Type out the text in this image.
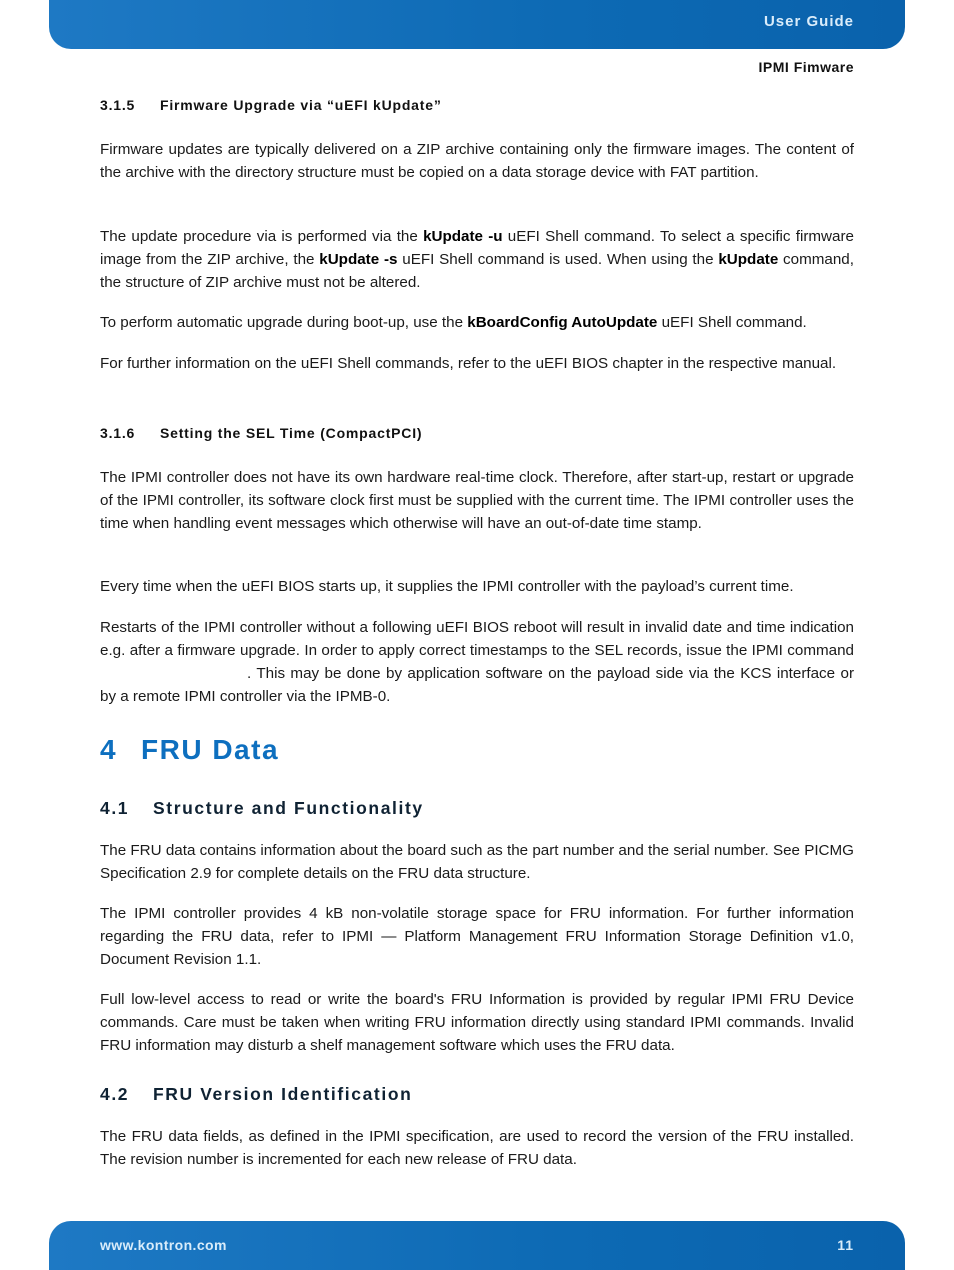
User Guide
IPMI Fimware
3.1.5 Firmware Upgrade via “uEFI kUpdate”
Firmware updates are typically delivered on a ZIP archive containing only the firmware images. The content of the archive with the directory structure must be copied on a data storage device with FAT partition.
The update procedure via is performed via the kUpdate -u uEFI Shell command. To select a specific firmware image from the ZIP archive, the kUpdate -s uEFI Shell command is used. When using the kUpdate command, the structure of ZIP archive must not be altered.
To perform automatic upgrade during boot-up, use the kBoardConfig AutoUpdate uEFI Shell command.
For further information on the uEFI Shell commands, refer to the uEFI BIOS chapter in the respective manual.
3.1.6 Setting the SEL Time (CompactPCI)
The IPMI controller does not have its own hardware real-time clock. Therefore, after start-up, restart or upgrade of the IPMI controller, its software clock first must be supplied with the current time. The IPMI controller uses the time when handling event messages which otherwise will have an out-of-date time stamp.
Every time when the uEFI BIOS starts up, it supplies the IPMI controller with the payload’s current time.
Restarts of the IPMI controller without a following uEFI BIOS reboot will result in invalid date and time indication e.g. after a firmware upgrade. In order to apply correct timestamps to the SEL records, issue the IPMI command. This may be done by application software on the payload side via the KCS interface or by a remote IPMI controller via the IPMB-0.
4 FRU Data
4.1 Structure and Functionality
The FRU data contains information about the board such as the part number and the serial number. See PICMG Specification 2.9 for complete details on the FRU data structure.
The IPMI controller provides 4 kB non-volatile storage space for FRU information. For further information regarding the FRU data, refer to IPMI — Platform Management FRU Information Storage Definition v1.0, Document Revision 1.1.
Full low-level access to read or write the board's FRU Information is provided by regular IPMI FRU Device commands. Care must be taken when writing FRU information directly using standard IPMI commands. Invalid FRU information may disturb a shelf management software which uses the FRU data.
4.2 FRU Version Identification
The FRU data fields, as defined in the IPMI specification, are used to record the version of the FRU installed. The revision number is incremented for each new release of FRU data.
www.kontron.com	11
